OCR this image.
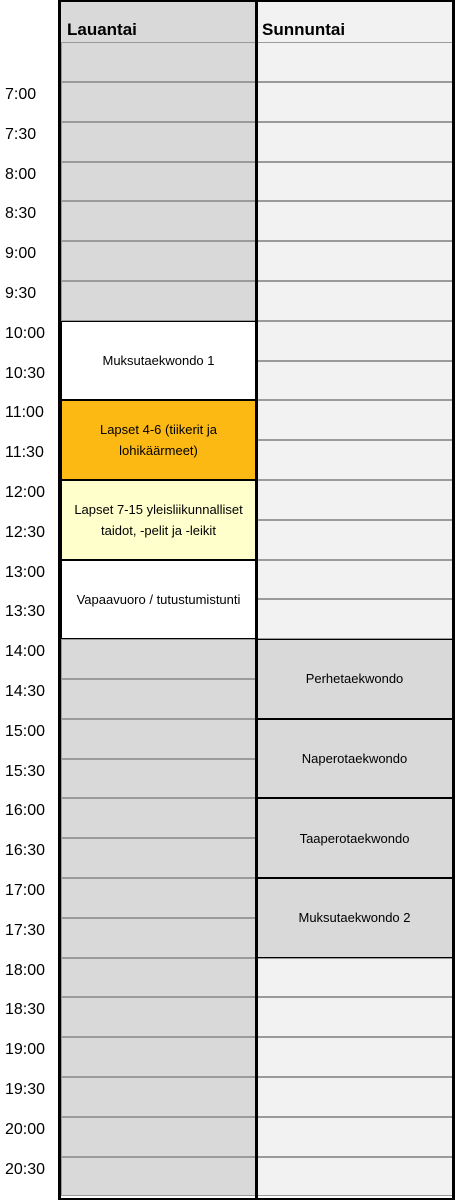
Lauantai	Sunnuntai
7:00
7:30
8:00
8:30
9:00
9:30
10:00
10:30
11:00
11:30
12:00
12:30
13:00
13:30
14:00
14:30
15:00
15:30
16:00
16:30
17:00
17:30
18:00
18:30
19:00
19:30
20:00
20:30
Muksutaekwondo 1
Lapset 4-6 (tiikerit ja lohikäärmeet)
Lapset 7-15 yleisliikunnalliset taidot, -pelit ja -leikit
Vapaavuoro / tutustumistunti
Perhetaekwondo
Naperotaekwondo
Taaperotaekwondo
Muksutaekwondo 2
